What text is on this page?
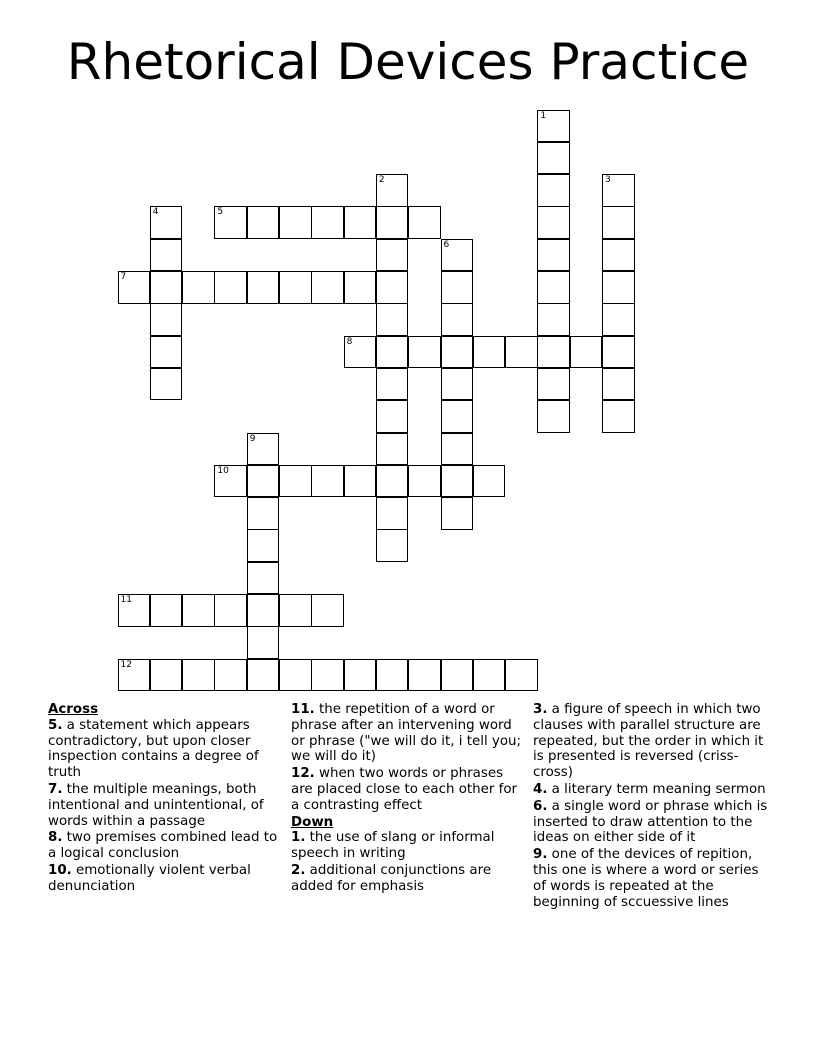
Rhetorical Devices Practice
1
2	3
4	5
6
7
8
9
10
11
12
Across
5. a statement which appears contradictory, but upon closer inspection contains a degree of truth
7. the multiple meanings, both intentional and unintentional, of words within a passage
8. two premises combined lead to a logical conclusion
10. emotionally violent verbal denunciation
11. the repetition of a word or phrase after an intervening word or phrase ("we will do it, i tell you; we will do it)
12. when two words or phrases are placed close to each other for a contrasting effect
Down
1. the use of slang or informal speech in writing
2. additional conjunctions are added for emphasis
3. a figure of speech in which two clauses with parallel structure are repeated, but the order in which it is presented is reversed (criss-cross)
4. a literary term meaning sermon
6. a single word or phrase which is inserted to draw attention to the ideas on either side of it
9. one of the devices of repition, this one is where a word or series of words is repeated at the beginning of sccuessive lines
